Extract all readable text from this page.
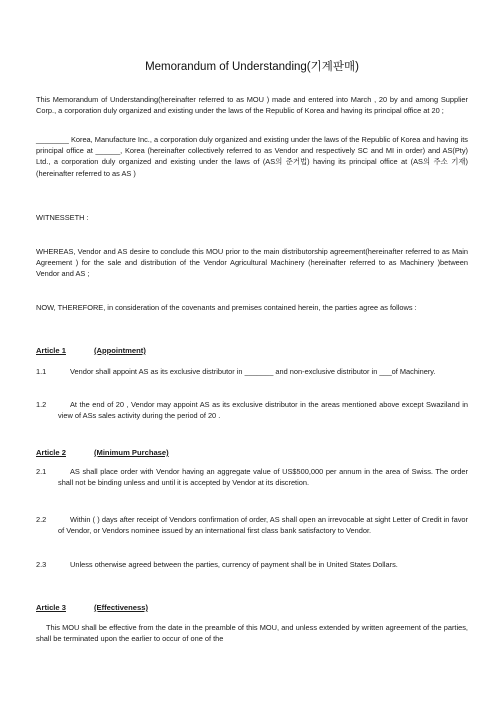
Memorandum of Understanding(기계판매)
This Memorandum of Understanding(hereinafter referred to as MOU ) made and entered into March , 20 by and among Supplier Corp., a corporation duly organized and existing under the laws of the Republic of Korea and having its principal office at 20 ;
________ Korea, Manufacture Inc., a corporation duly organized and existing under the laws of the Republic of Korea and having its principal office at ______, Korea (hereinafter collectively referred to as Vendor and respectively SC and MI in order) and AS(Pty) Ltd., a corporation duly organized and existing under the laws of (AS의 준거법) having its principal office at (AS의 주소 기재) (hereinafter referred to as AS )
WITNESSETH :
WHEREAS, Vendor and AS desire to conclude this MOU prior to the main distributorship agreement(hereinafter referred to as Main Agreement ) for the sale and distribution of the Vendor Agricultural Machinery (hereinafter referred to as Machinery )between Vendor and AS ;
NOW, THEREFORE, in consideration of the covenants and premises contained herein, the parties agree as follows :
Article 1	(Appointment)
1.1	Vendor shall appoint AS as its exclusive distributor in _______ and non-exclusive distributor in ___of Machinery.
1.2	At the end of 20 , Vendor may appoint AS as its exclusive distributor in the areas mentioned above except Swaziland in view of ASs sales activity during the period of 20 .
Article 2	(Minimum Purchase)
2.1	AS shall place order with Vendor having an aggregate value of US$500,000 per annum in the area of Swiss. The order shall not be binding unless and until it is accepted by Vendor at its discretion.
2.2	Within ( ) days after receipt of Vendors confirmation of order, AS shall open an irrevocable at sight Letter of Credit in favor of Vendor, or Vendors nominee issued by an international first class bank satisfactory to Vendor.
2.3	Unless otherwise agreed between the parties, currency of payment shall be in United States Dollars.
Article 3	(Effectiveness)
This MOU shall be effective from the date in the preamble of this MOU, and unless extended by written agreement of the parties, shall be terminated upon the earlier to occur of one of the
